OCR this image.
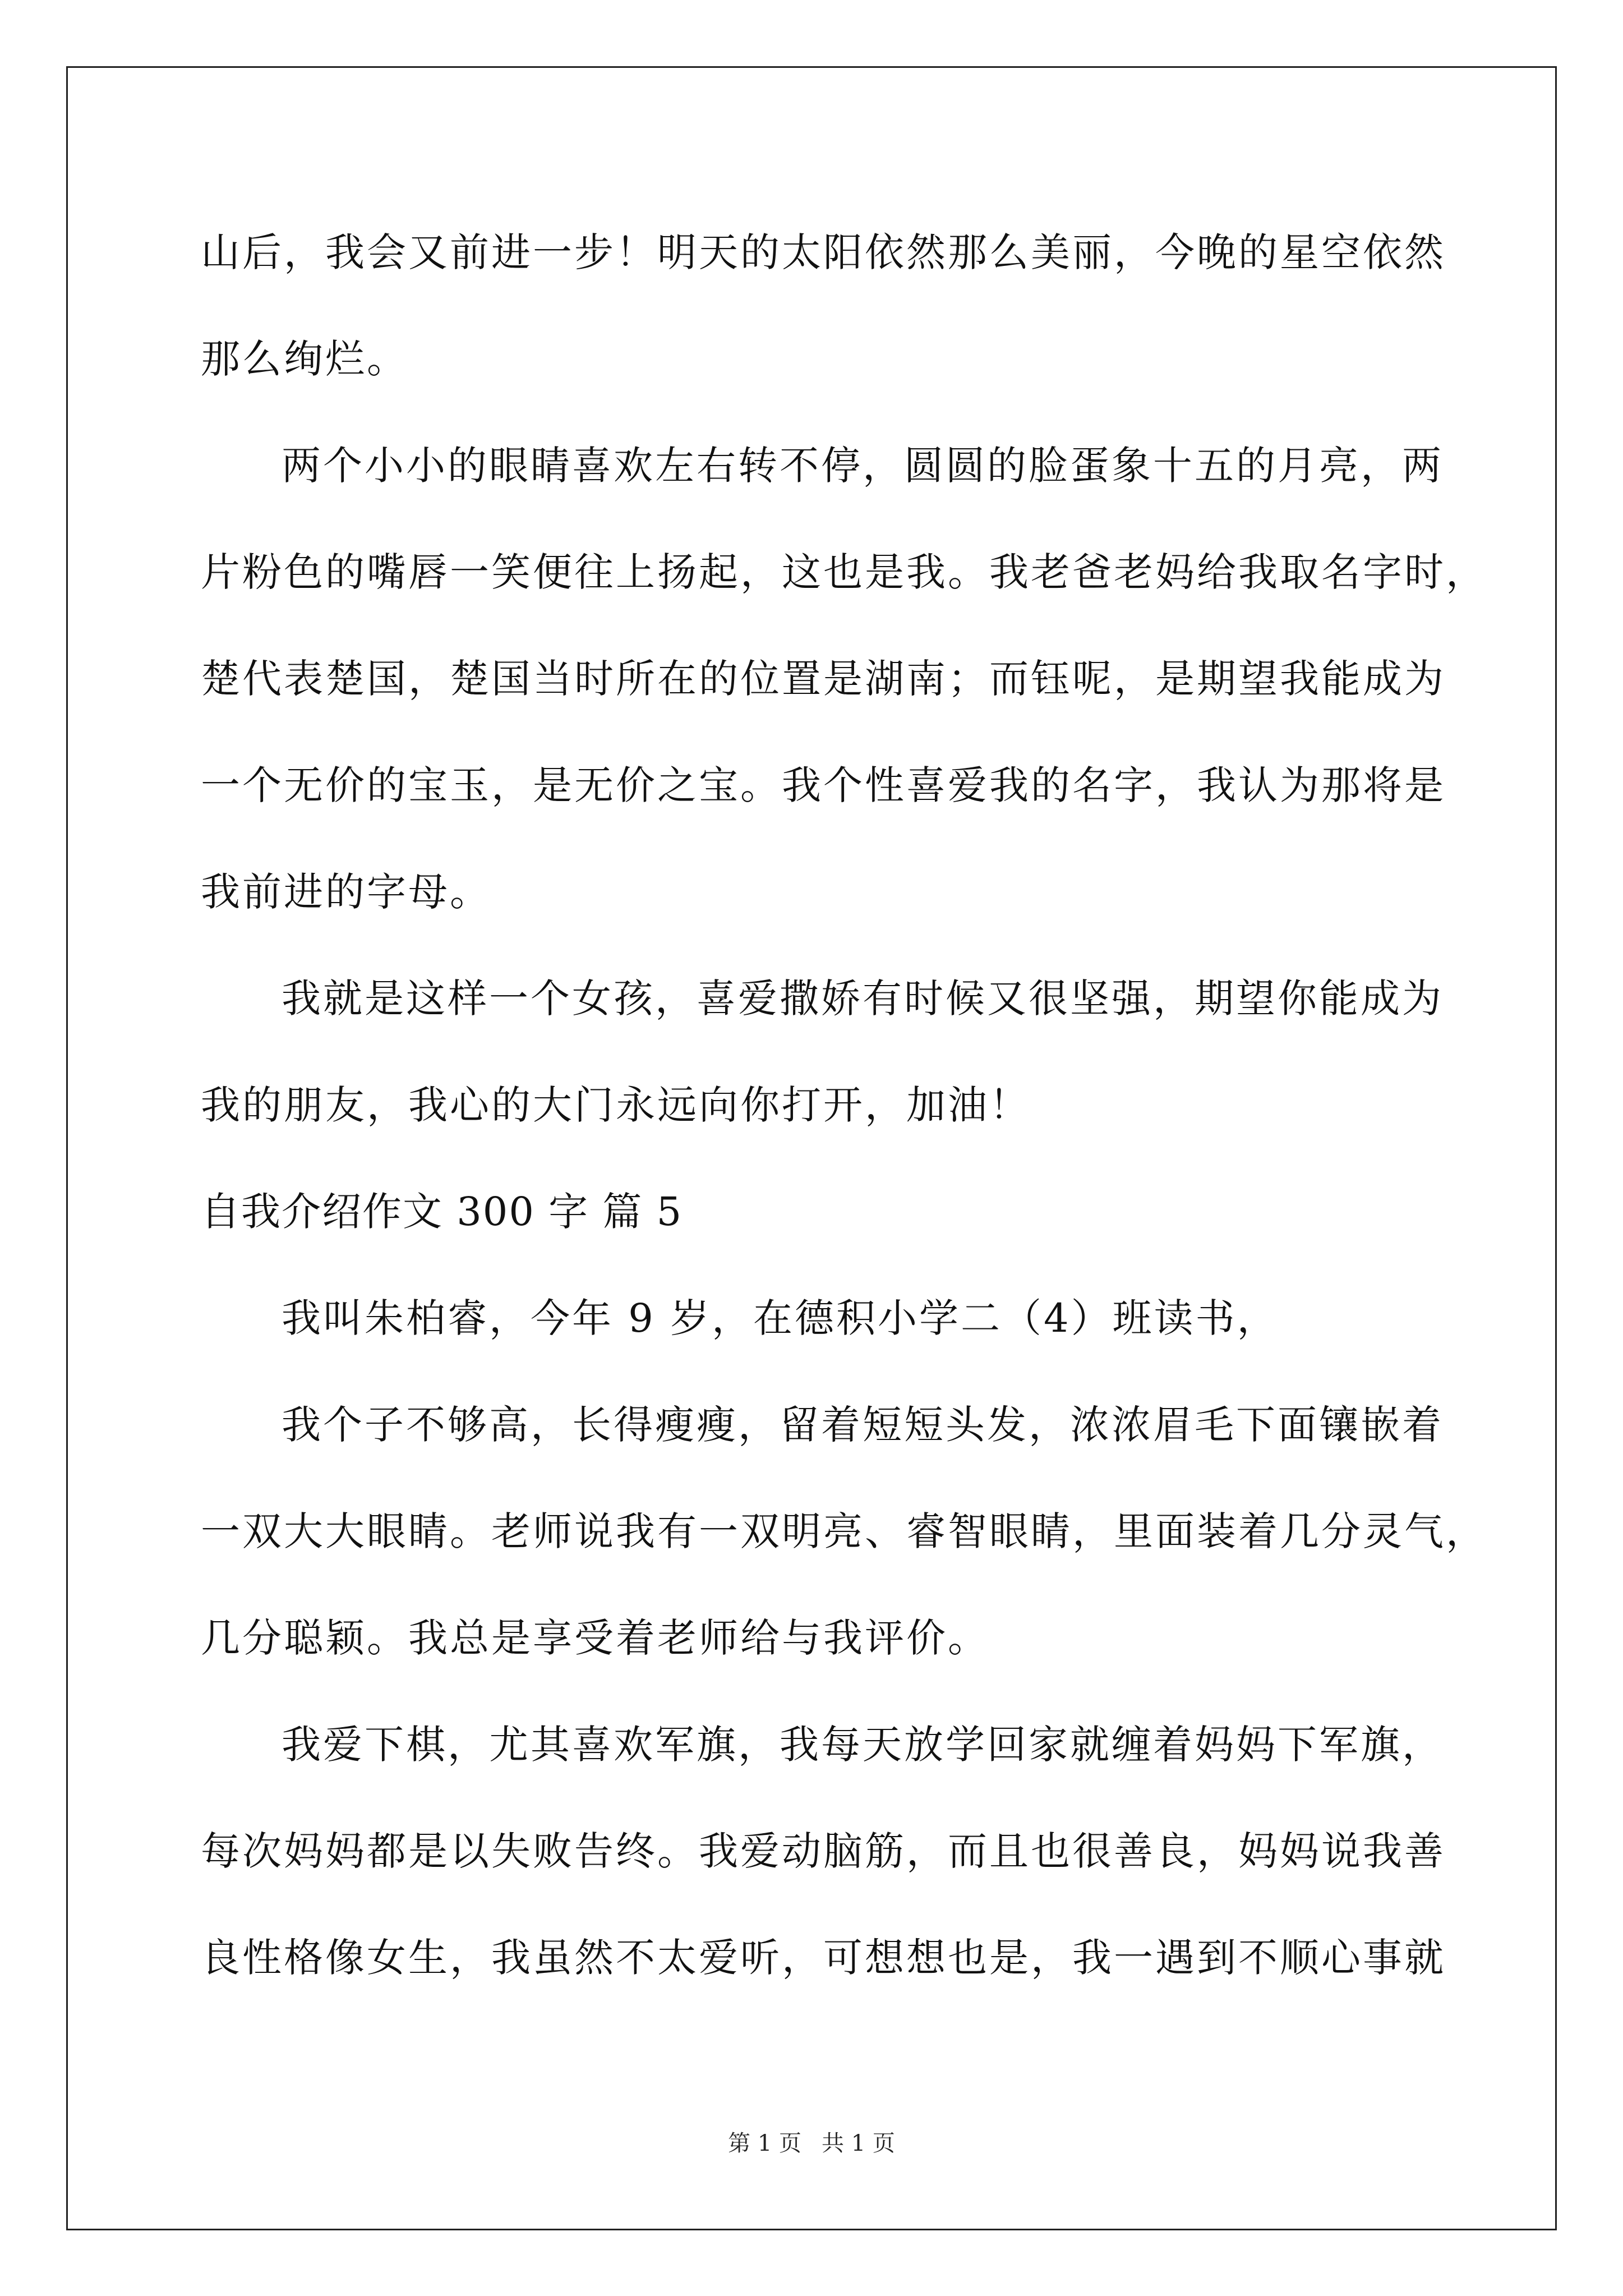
山后，我会又前进一步！明天的太阳依然那么美丽，今晚的星空依然
那么绚烂。
两个小小的眼睛喜欢左右转不停，圆圆的脸蛋象十五的月亮，两
片粉色的嘴唇一笑便往上扬起，这也是我。我老爸老妈给我取名字时，
楚代表楚国，楚国当时所在的位置是湖南；而钰呢，是期望我能成为
一个无价的宝玉，是无价之宝。我个性喜爱我的名字，我认为那将是
我前进的字母。
我就是这样一个女孩，喜爱撒娇有时候又很坚强，期望你能成为
我的朋友，我心的大门永远向你打开，加油！
自我介绍作文 300 字 篇 5
我叫朱柏睿，今年 9 岁，在德积小学二（4）班读书，
我个子不够高，长得瘦瘦，留着短短头发，浓浓眉毛下面镶嵌着
一双大大眼睛。老师说我有一双明亮、睿智眼睛，里面装着几分灵气，
几分聪颖。我总是享受着老师给与我评价。
我爱下棋，尤其喜欢军旗，我每天放学回家就缠着妈妈下军旗，
每次妈妈都是以失败告终。我爱动脑筋，而且也很善良，妈妈说我善
良性格像女生，我虽然不太爱听，可想想也是，我一遇到不顺心事就
第 1 页 共 1 页
